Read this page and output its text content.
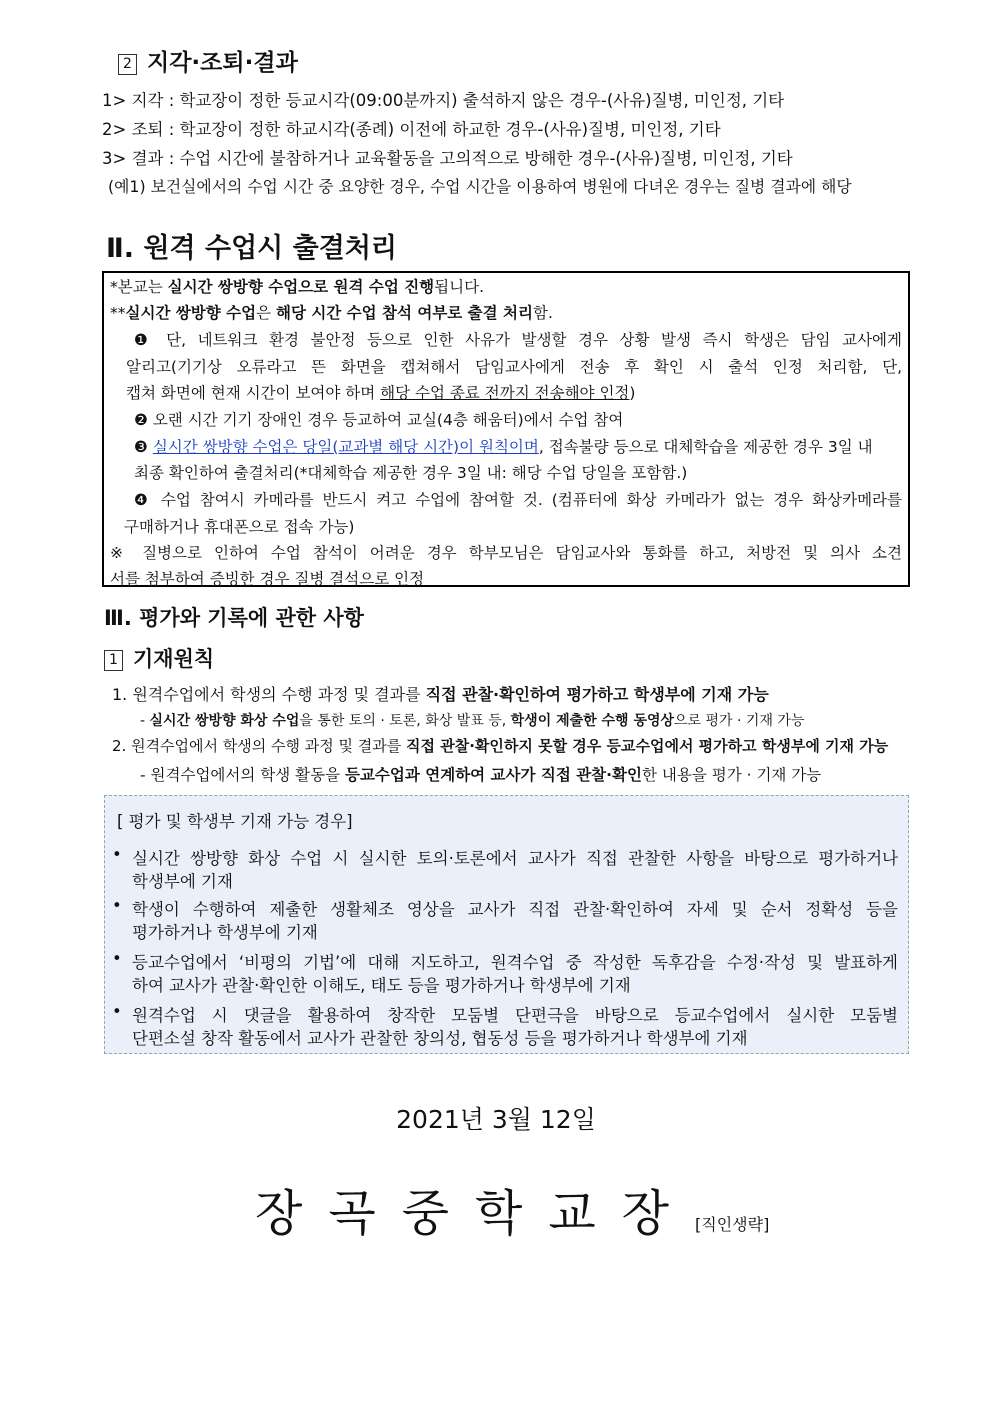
2 지각·조퇴·결과
1> 지각 : 학교장이 정한 등교시각(09:00분까지) 출석하지 않은 경우-(사유)질병, 미인정, 기타
2> 조퇴 : 학교장이 정한 하교시각(종례) 이전에 하교한 경우-(사유)질병, 미인정, 기타
3> 결과 : 수업 시간에 불참하거나 교육활동을 고의적으로 방해한 경우-(사유)질병, 미인정, 기타
(예1) 보건실에서의 수업 시간 중 요양한 경우, 수업 시간을 이용하여 병원에 다녀온 경우는 질병 결과에 해당
Ⅱ. 원격 수업시 출결처리
*본교는 실시간 쌍방향 수업으로 원격 수업 진행됩니다.
**실시간 쌍방향 수업은 해당 시간 수업 참석 여부로 출결 처리함.
❶ 단, 네트워크 환경 불안정 등으로 인한 사유가 발생할 경우 상황 발생 즉시 학생은 담임 교사에게
알리고(기기상 오류라고 뜬 화면을 캡쳐해서 담임교사에게 전송 후 확인 시 출석 인정 처리함, 단,
캡쳐 화면에 현재 시간이 보여야 하며 해당 수업 종료 전까지 전송해야 인정)
❷ 오랜 시간 기기 장애인 경우 등교하여 교실(4층 해움터)에서 수업 참여
❸ 실시간 쌍방향 수업은 당일(교과별 해당 시간)이 원칙이며, 접속불량 등으로 대체학습을 제공한 경우 3일 내
최종 확인하여 출결처리(*대체학습 제공한 경우 3일 내: 해당 수업 당일을 포함함.)
❹ 수업 참여시 카메라를 반드시 켜고 수업에 참여할 것. (컴퓨터에 화상 카메라가 없는 경우 화상카메라를
구매하거나 휴대폰으로 접속 가능)
※ 질병으로 인하여 수업 참석이 어려운 경우 학부모님은 담임교사와 통화를 하고, 처방전 및 의사 소견
서를 첨부하여 증빙한 경우 질병 결석으로 인정
Ⅲ. 평가와 기록에 관한 사항
1 기재원칙
1. 원격수업에서 학생의 수행 과정 및 결과를 직접 관찰·확인하여 평가하고 학생부에 기재 가능
- 실시간 쌍방향 화상 수업을 통한 토의 · 토론, 화상 발표 등, 학생이 제출한 수행 동영상으로 평가 · 기재 가능
2. 원격수업에서 학생의 수행 과정 및 결과를 직접 관찰·확인하지 못할 경우 등교수업에서 평가하고 학생부에 기재 가능
- 원격수업에서의 학생 활동을 등교수업과 연계하여 교사가 직접 관찰·확인한 내용을 평가 · 기재 가능
[ 평가 및 학생부 기재 가능 경우]
• 실시간 쌍방향 화상 수업 시 실시한 토의·토론에서 교사가 직접 관찰한 사항을 바탕으로 평가하거나
학생부에 기재
• 학생이 수행하여 제출한 생활체조 영상을 교사가 직접 관찰·확인하여 자세 및 순서 정확성 등을
평가하거나 학생부에 기재
• 등교수업에서 ‘비평의 기법’에 대해 지도하고, 원격수업 중 작성한 독후감을 수정·작성 및 발표하게
하여 교사가 관찰·확인한 이해도, 태도 등을 평가하거나 학생부에 기재
• 원격수업 시 댓글을 활용하여 창작한 모둠별 단편극을 바탕으로 등교수업에서 실시한 모둠별
단편소설 창작 활동에서 교사가 관찰한 창의성, 협동성 등을 평가하거나 학생부에 기재
2021년 3월 12일
장곡중학교장[직인생략]
